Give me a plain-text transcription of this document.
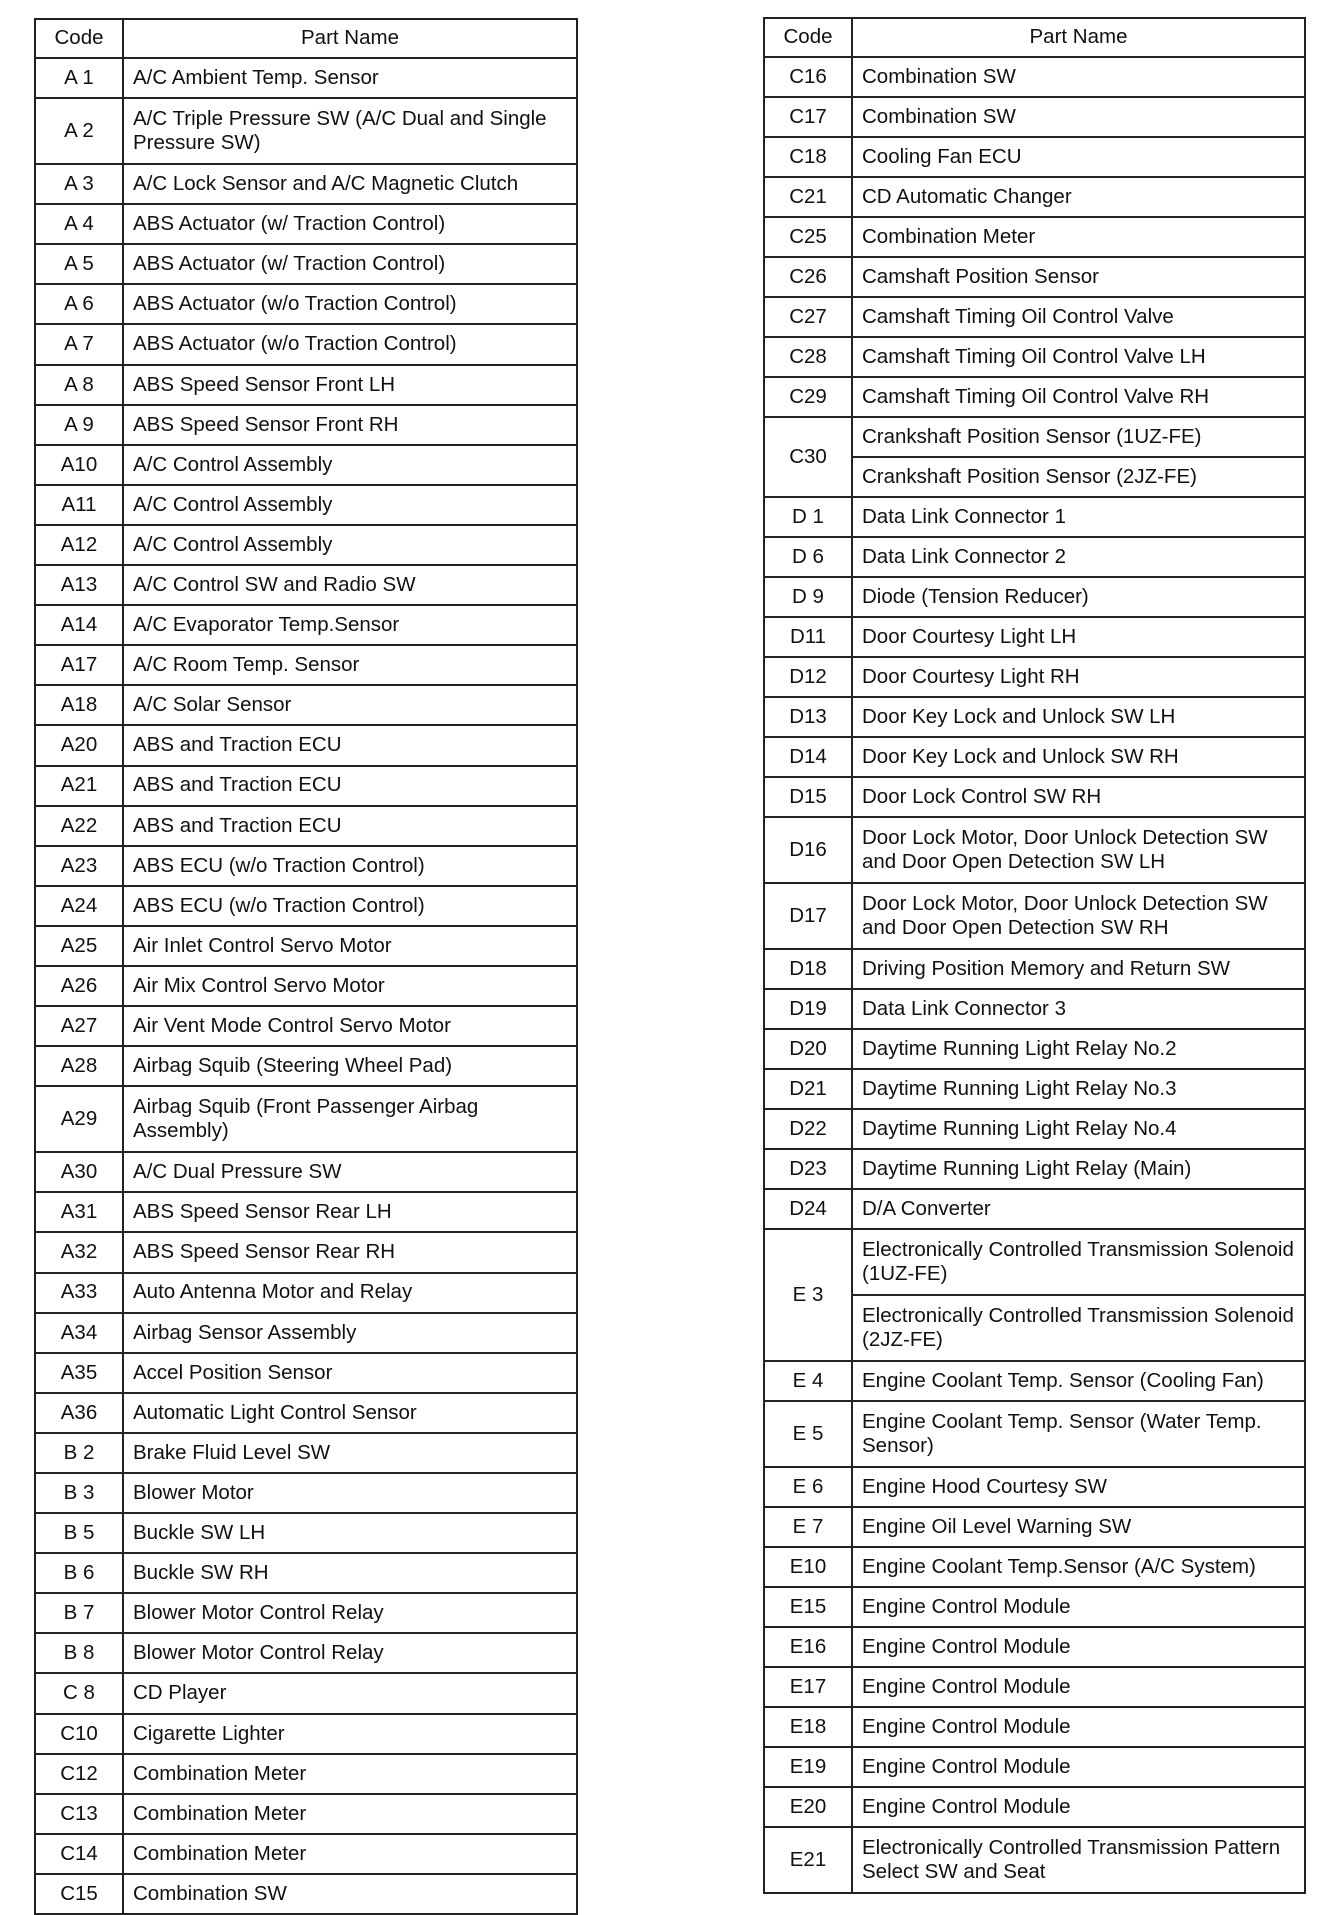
Code	Part Name
A 1	A/C Ambient Temp. Sensor
A 2	A/C Triple Pressure SW (A/C Dual and Single Pressure SW)
A 3	A/C Lock Sensor and A/C Magnetic Clutch
A 4	ABS Actuator (w/ Traction Control)
A 5	ABS Actuator (w/ Traction Control)
A 6	ABS Actuator (w/o Traction Control)
A 7	ABS Actuator (w/o Traction Control)
A 8	ABS Speed Sensor Front LH
A 9	ABS Speed Sensor Front RH
A10	A/C Control Assembly
A11	A/C Control Assembly
A12	A/C Control Assembly
A13	A/C Control SW and Radio SW
A14	A/C Evaporator Temp.Sensor
A17	A/C Room Temp. Sensor
A18	A/C Solar Sensor
A20	ABS and Traction ECU
A21	ABS and Traction ECU
A22	ABS and Traction ECU
A23	ABS ECU (w/o Traction Control)
A24	ABS ECU (w/o Traction Control)
A25	Air Inlet Control Servo Motor
A26	Air Mix Control Servo Motor
A27	Air Vent Mode Control Servo Motor
A28	Airbag Squib (Steering Wheel Pad)
A29	Airbag Squib (Front Passenger Airbag Assembly)
A30	A/C Dual Pressure SW
A31	ABS Speed Sensor Rear LH
A32	ABS Speed Sensor Rear RH
A33	Auto Antenna Motor and Relay
A34	Airbag Sensor Assembly
A35	Accel Position Sensor
A36	Automatic Light Control Sensor
B 2	Brake Fluid Level SW
B 3	Blower Motor
B 5	Buckle SW LH
B 6	Buckle SW RH
B 7	Blower Motor Control Relay
B 8	Blower Motor Control Relay
C 8	CD Player
C10	Cigarette Lighter
C12	Combination Meter
C13	Combination Meter
C14	Combination Meter
C15	Combination SW
Code	Part Name
C16	Combination SW
C17	Combination SW
C18	Cooling Fan ECU
C21	CD Automatic Changer
C25	Combination Meter
C26	Camshaft Position Sensor
C27	Camshaft Timing Oil Control Valve
C28	Camshaft Timing Oil Control Valve LH
C29	Camshaft Timing Oil Control Valve RH
C30	Crankshaft Position Sensor (1UZ-FE)
	Crankshaft Position Sensor (2JZ-FE)
D 1	Data Link Connector 1
D 6	Data Link Connector 2
D 9	Diode (Tension Reducer)
D11	Door Courtesy Light LH
D12	Door Courtesy Light RH
D13	Door Key Lock and Unlock SW LH
D14	Door Key Lock and Unlock SW RH
D15	Door Lock Control SW RH
D16	Door Lock Motor, Door Unlock Detection SW and Door Open Detection SW LH
D17	Door Lock Motor, Door Unlock Detection SW and Door Open Detection SW RH
D18	Driving Position Memory and Return SW
D19	Data Link Connector 3
D20	Daytime Running Light Relay No.2
D21	Daytime Running Light Relay No.3
D22	Daytime Running Light Relay No.4
D23	Daytime Running Light Relay (Main)
D24	D/A Converter
E 3	Electronically Controlled Transmission Solenoid (1UZ-FE)
	Electronically Controlled Transmission Solenoid (2JZ-FE)
E 4	Engine Coolant Temp. Sensor (Cooling Fan)
E 5	Engine Coolant Temp. Sensor (Water Temp. Sensor)
E 6	Engine Hood Courtesy SW
E 7	Engine Oil Level Warning SW
E10	Engine Coolant Temp.Sensor (A/C System)
E15	Engine Control Module
E16	Engine Control Module
E17	Engine Control Module
E18	Engine Control Module
E19	Engine Control Module
E20	Engine Control Module
E21	Electronically Controlled Transmission Pattern Select SW and Seat
